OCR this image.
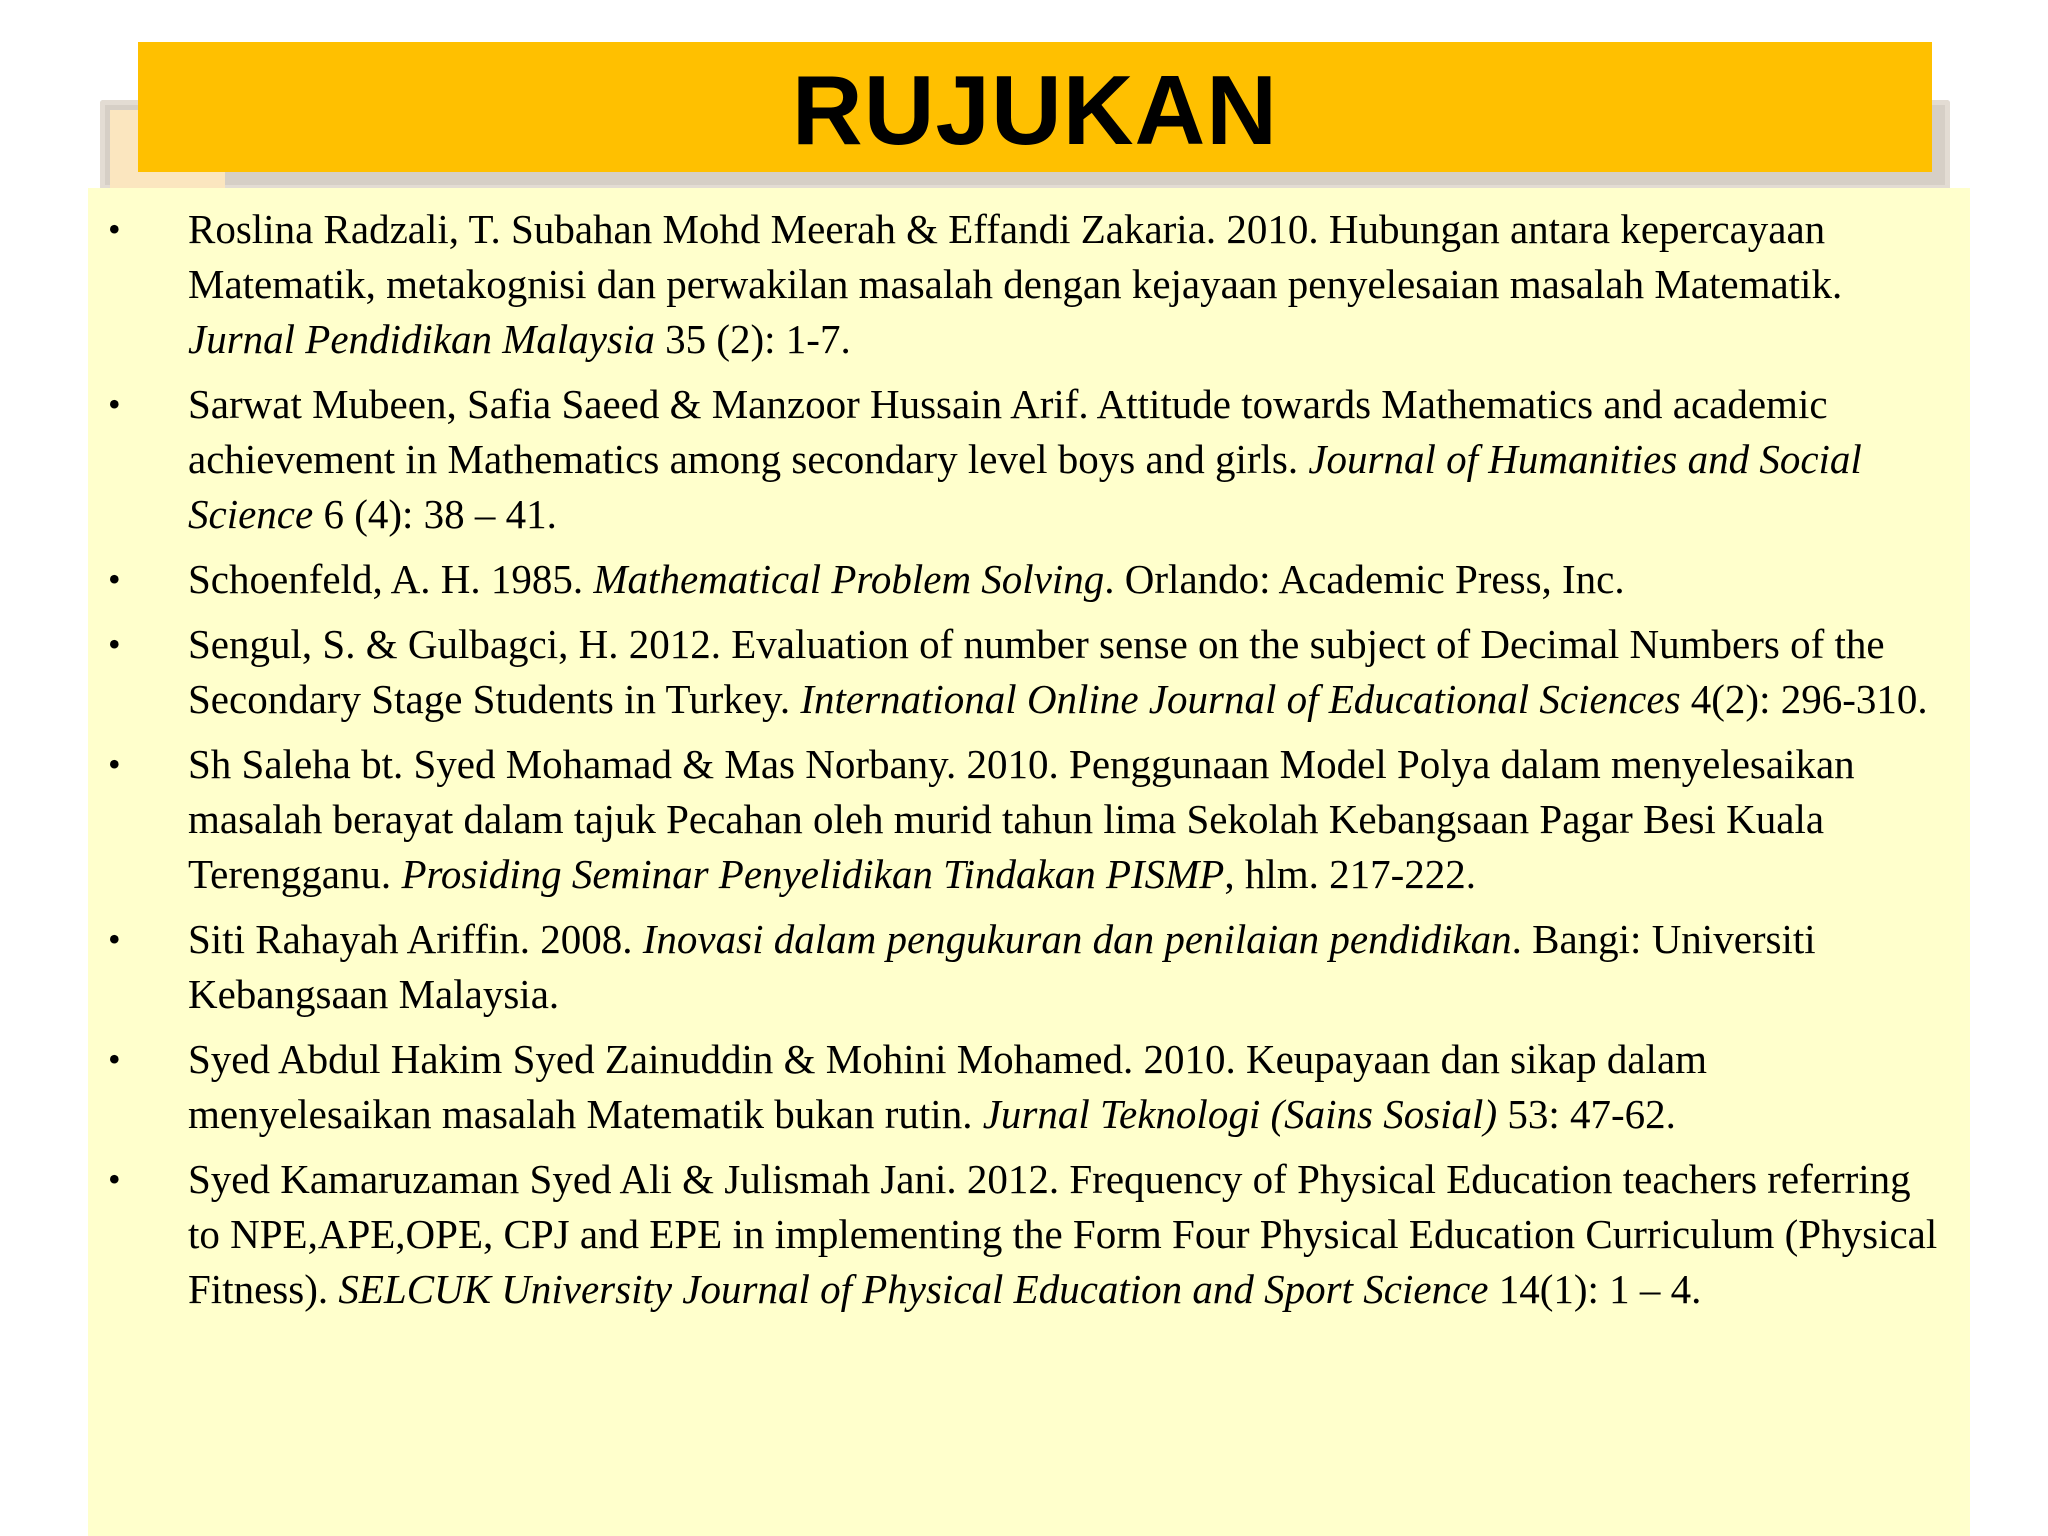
RUJUKAN
• Roslina Radzali, T. Subahan Mohd Meerah & Effandi Zakaria. 2010. Hubungan antara kepercayaan Matematik, metakognisi dan perwakilan masalah dengan kejayaan penyelesaian masalah Matematik. Jurnal Pendidikan Malaysia 35 (2): 1-7.
• Sarwat Mubeen, Safia Saeed & Manzoor Hussain Arif. Attitude towards Mathematics and academic achievement in Mathematics among secondary level boys and girls. Journal of Humanities and Social Science 6 (4): 38 – 41.
• Schoenfeld, A. H. 1985. Mathematical Problem Solving. Orlando: Academic Press, Inc.
• Sengul, S. & Gulbagci, H. 2012. Evaluation of number sense on the subject of Decimal Numbers of the Secondary Stage Students in Turkey. International Online Journal of Educational Sciences 4(2): 296-310.
• Sh Saleha bt. Syed Mohamad & Mas Norbany. 2010. Penggunaan Model Polya dalam menyelesaikan masalah berayat dalam tajuk Pecahan oleh murid tahun lima Sekolah Kebangsaan Pagar Besi Kuala Terengganu. Prosiding Seminar Penyelidikan Tindakan PISMP, hlm. 217-222.
• Siti Rahayah Ariffin. 2008. Inovasi dalam pengukuran dan penilaian pendidikan. Bangi: Universiti Kebangsaan Malaysia.
• Syed Abdul Hakim Syed Zainuddin & Mohini Mohamed. 2010. Keupayaan dan sikap dalam menyelesaikan masalah Matematik bukan rutin. Jurnal Teknologi (Sains Sosial) 53: 47-62.
• Syed Kamaruzaman Syed Ali & Julismah Jani. 2012. Frequency of Physical Education teachers referring to NPE,APE,OPE, CPJ and EPE in implementing the Form Four Physical Education Curriculum (Physical Fitness). SELCUK University Journal of Physical Education and Sport Science 14(1): 1 – 4.
